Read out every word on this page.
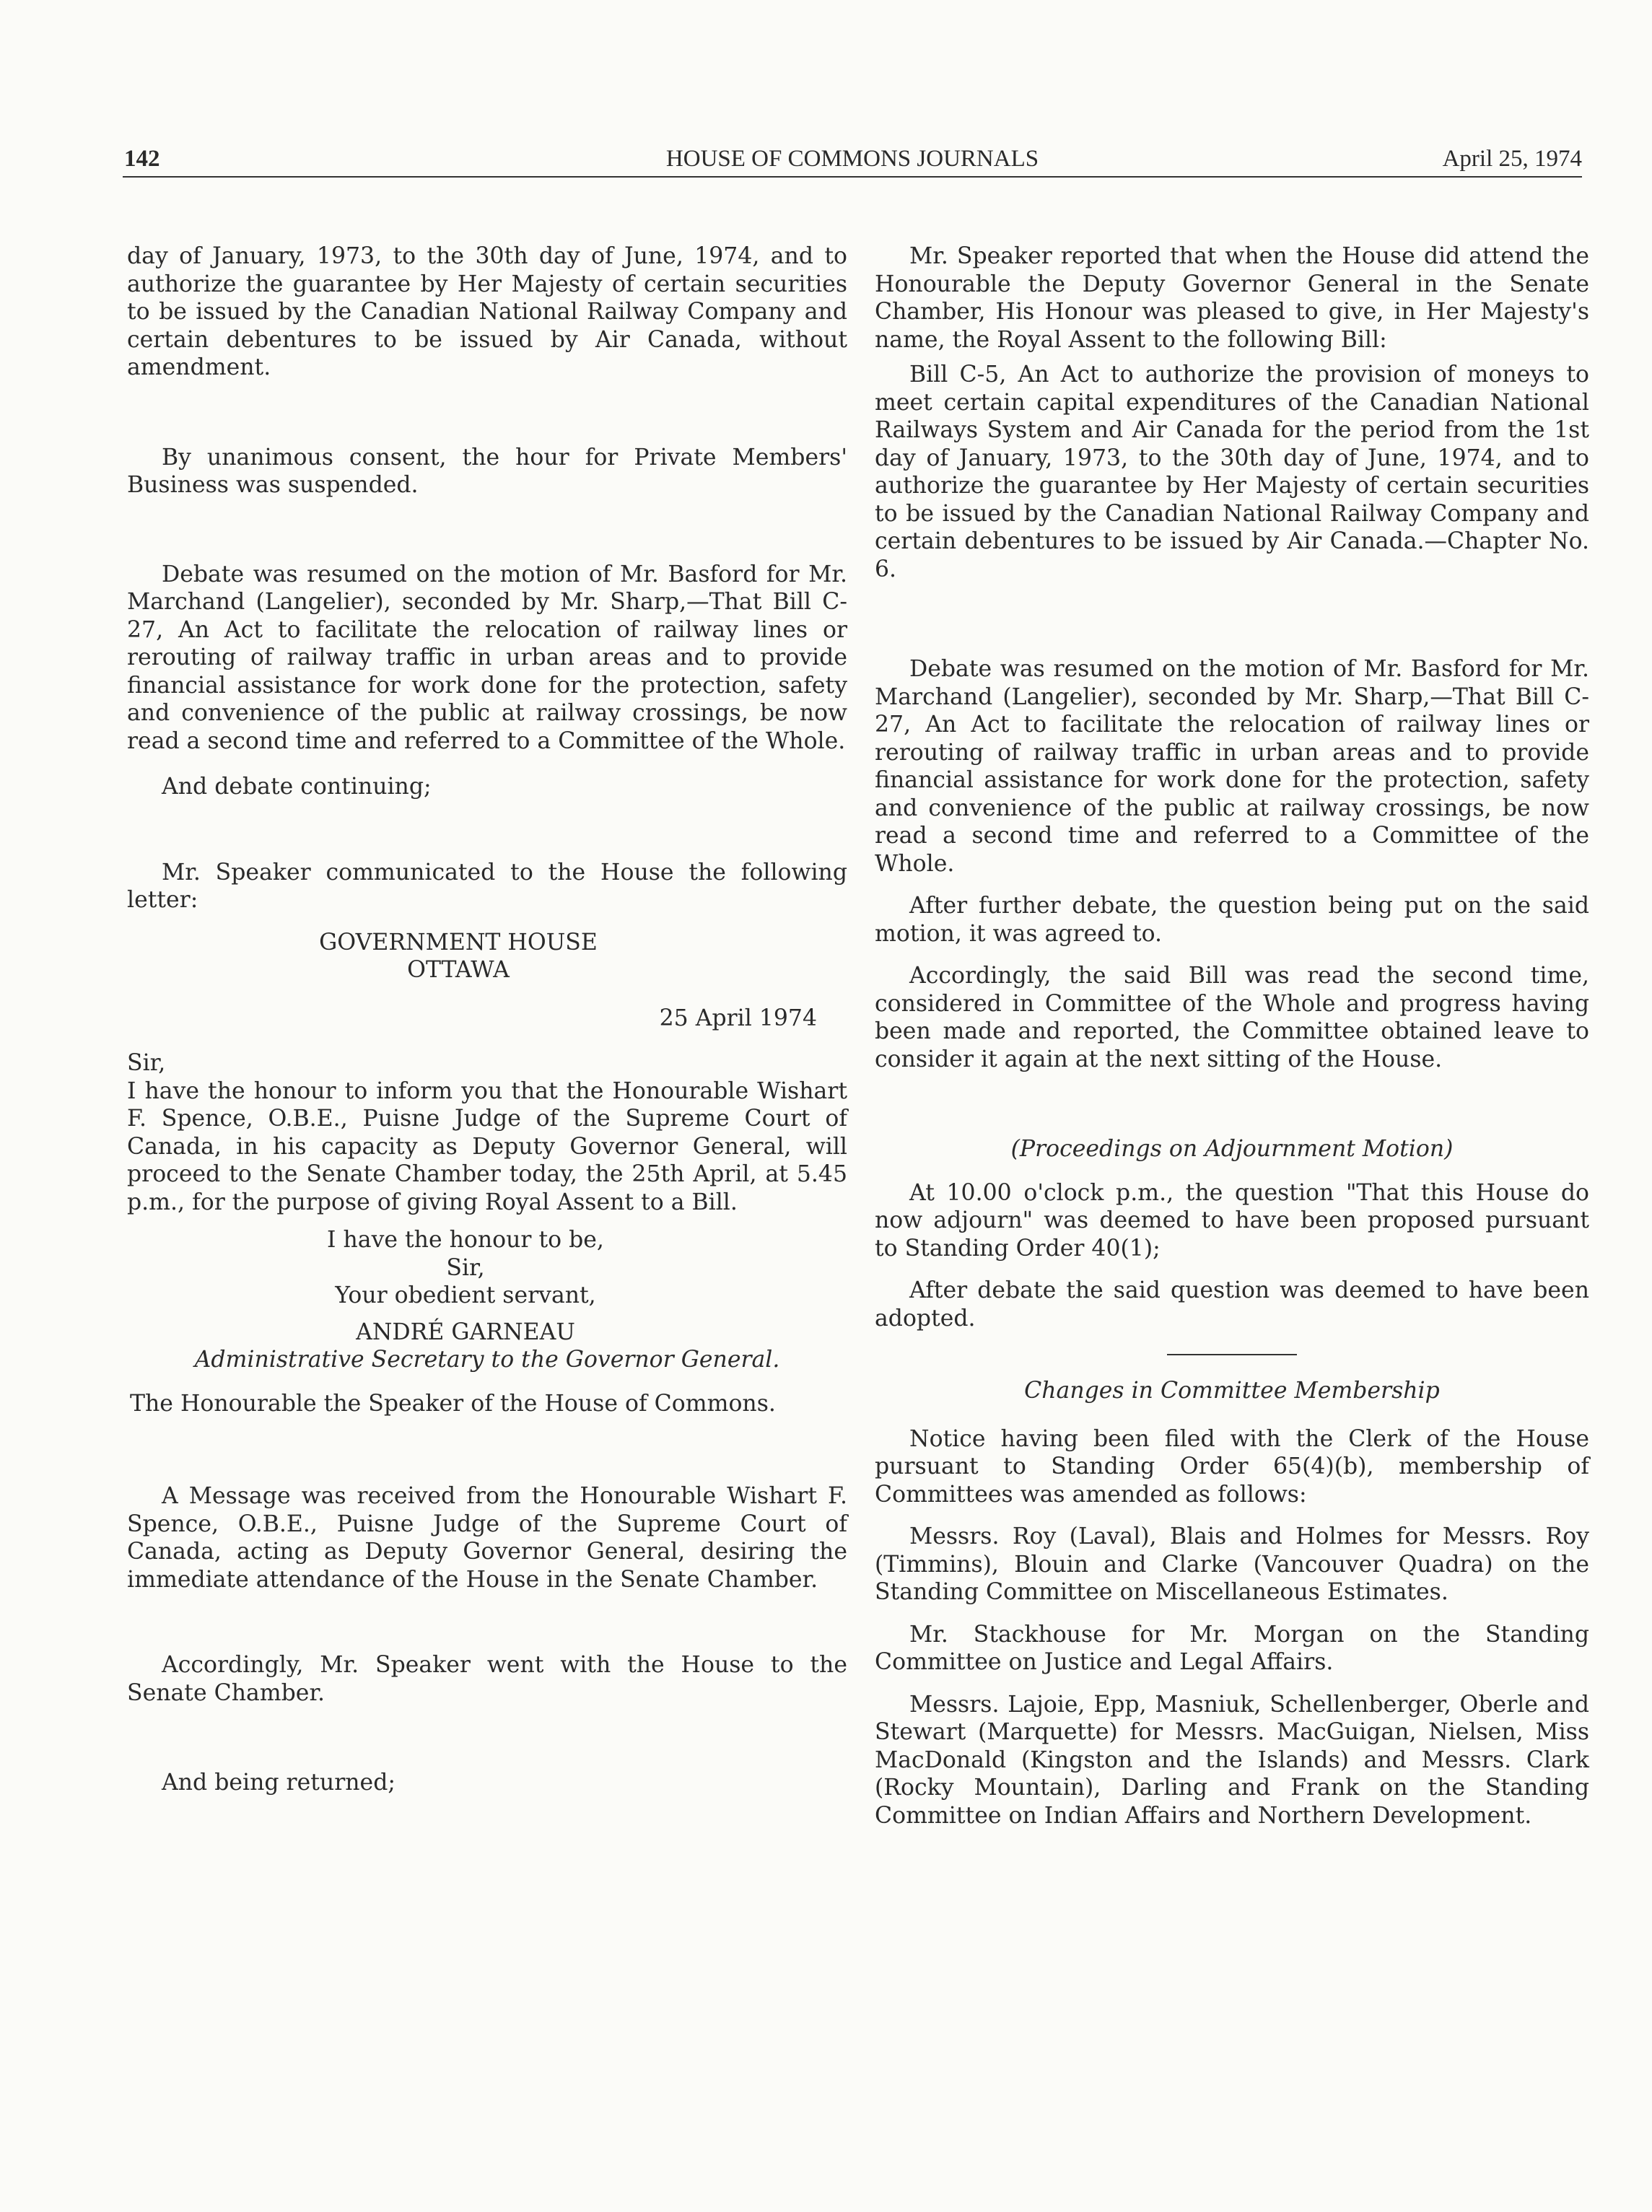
142	HOUSE OF COMMONS JOURNALS	April 25, 1974

day of January, 1973, to the 30th day of June, 1974, and to authorize the guarantee by Her Majesty of certain securities to be issued by the Canadian National Railway Company and certain debentures to be issued by Air Canada, without amendment.

By unanimous consent, the hour for Private Members' Business was suspended.

Debate was resumed on the motion of Mr. Basford for Mr. Marchand (Langelier), seconded by Mr. Sharp,—That Bill C-27, An Act to facilitate the relocation of railway lines or rerouting of railway traffic in urban areas and to provide financial assistance for work done for the protection, safety and convenience of the public at railway crossings, be now read a second time and referred to a Committee of the Whole.

And debate continuing;

Mr. Speaker communicated to the House the following letter:

GOVERNMENT HOUSE

OTTAWA

25 April 1974

Sir,

I have the honour to inform you that the Honourable Wishart F. Spence, O.B.E., Puisne Judge of the Supreme Court of Canada, in his capacity as Deputy Governor General, will proceed to the Senate Chamber today, the 25th April, at 5.45 p.m., for the purpose of giving Royal Assent to a Bill.

I have the honour to be,

Sir,

Your obedient servant,

ANDRÉ GARNEAU

Administrative Secretary to the Governor General.

The Honourable the Speaker of the House of Commons.

A Message was received from the Honourable Wishart F. Spence, O.B.E., Puisne Judge of the Supreme Court of Canada, acting as Deputy Governor General, desiring the immediate attendance of the House in the Senate Chamber.

Accordingly, Mr. Speaker went with the House to the Senate Chamber.

And being returned;

Mr. Speaker reported that when the House did attend the Honourable the Deputy Governor General in the Senate Chamber, His Honour was pleased to give, in Her Majesty's name, the Royal Assent to the following Bill:

Bill C-5, An Act to authorize the provision of moneys to meet certain capital expenditures of the Canadian National Railways System and Air Canada for the period from the 1st day of January, 1973, to the 30th day of June, 1974, and to authorize the guarantee by Her Majesty of certain securities to be issued by the Canadian National Railway Company and certain debentures to be issued by Air Canada.—Chapter No. 6.

Debate was resumed on the motion of Mr. Basford for Mr. Marchand (Langelier), seconded by Mr. Sharp,—That Bill C-27, An Act to facilitate the relocation of railway lines or rerouting of railway traffic in urban areas and to provide financial assistance for work done for the protection, safety and convenience of the public at railway crossings, be now read a second time and referred to a Committee of the Whole.

After further debate, the question being put on the said motion, it was agreed to.

Accordingly, the said Bill was read the second time, considered in Committee of the Whole and progress having been made and reported, the Committee obtained leave to consider it again at the next sitting of the House.

(Proceedings on Adjournment Motion)

At 10.00 o'clock p.m., the question "That this House do now adjourn" was deemed to have been proposed pursuant to Standing Order 40(1);

After debate the said question was deemed to have been adopted.

Changes in Committee Membership

Notice having been filed with the Clerk of the House pursuant to Standing Order 65(4)(b), membership of Committees was amended as follows:

Messrs. Roy (Laval), Blais and Holmes for Messrs. Roy (Timmins), Blouin and Clarke (Vancouver Quadra) on the Standing Committee on Miscellaneous Estimates.

Mr. Stackhouse for Mr. Morgan on the Standing Committee on Justice and Legal Affairs.

Messrs. Lajoie, Epp, Masniuk, Schellenberger, Oberle and Stewart (Marquette) for Messrs. MacGuigan, Nielsen, Miss MacDonald (Kingston and the Islands) and Messrs. Clark (Rocky Mountain), Darling and Frank on the Standing Committee on Indian Affairs and Northern Development.
